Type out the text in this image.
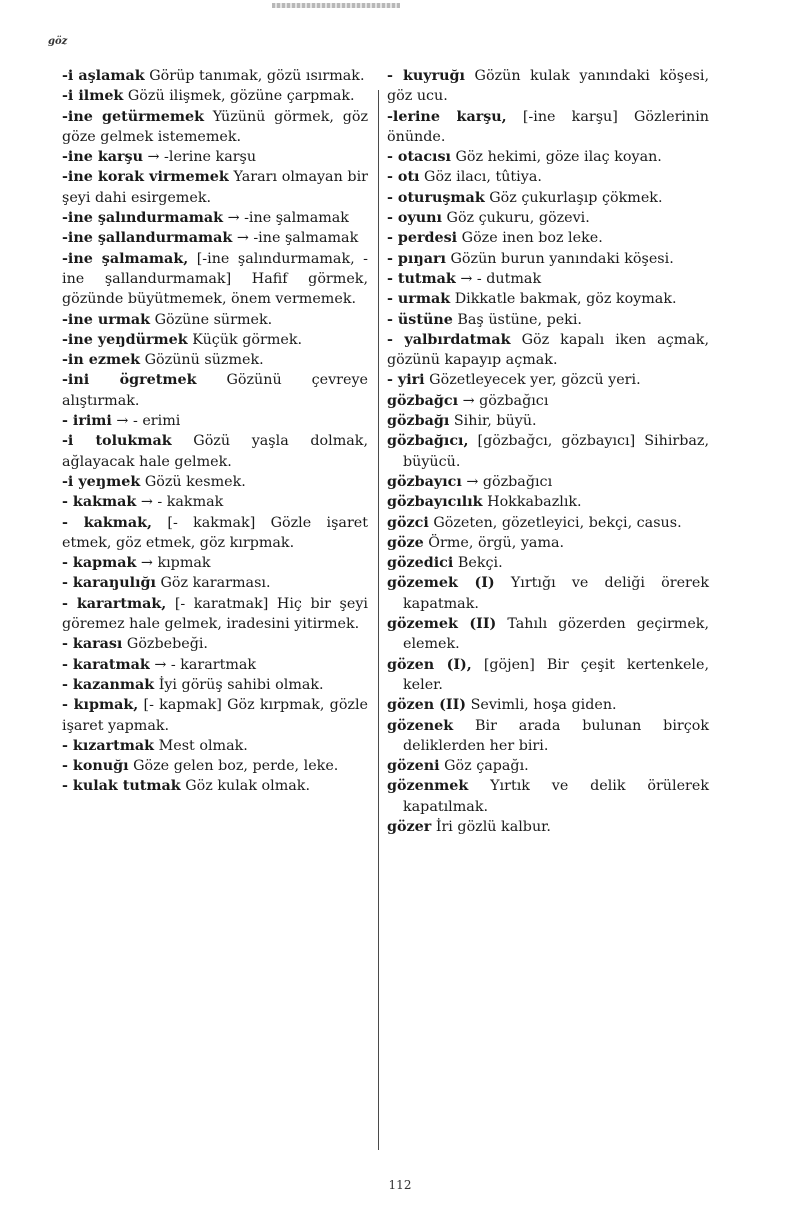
göz

-i aşlamak Görüp tanımak, gözü ısırmak.

-i ilmek Gözü ilişmek, gözüne çarpmak.

-ine getürmemek Yüzünü görmek, göz göze gelmek istememek.

-ine karşu → -lerine karşu

-ine korak virmemek Yararı olmayan bir şeyi dahi esirgemek.

-ine şalındurmamak → -ine şalmamak

-ine şallandurmamak → -ine şalmamak

-ine şalmamak, [-ine şalındurmamak, -ine şallandurmamak] Hafif görmek, gözünde büyütmemek, önem vermemek.

-ine urmak Gözüne sürmek.

-ine yeŋdürmek Küçük görmek.

-in ezmek Gözünü süzmek.

-ini ögretmek Gözünü çevreye alıştırmak.

- irimi → - erimi

-i tolukmak Gözü yaşla dolmak, ağlayacak hale gelmek.

-i yeŋmek Gözü kesmek.

- kakmak → - kakmak

- kakmak, [- kakmak] Gözle işaret etmek, göz etmek, göz kırpmak.

- kapmak → kıpmak

- karaŋulığı Göz kararması.

- karartmak, [- karatmak] Hiç bir şeyi göremez hale gelmek, iradesini yitirmek.

- karası Gözbebeği.

- karatmak → - karartmak

- kazanmak İyi görüş sahibi olmak.

- kıpmak, [- kapmak] Göz kırpmak, gözle işaret yapmak.

- kızartmak Mest olmak.

- konuğı Göze gelen boz, perde, leke.

- kulak tutmak Göz kulak olmak.

- kuyruğı Gözün kulak yanındaki köşesi, göz ucu.

-lerine karşu, [-ine karşu] Gözlerinin önünde.

- otacısı Göz hekimi, göze ilaç koyan.

- otı Göz ilacı, tûtiya.

- oturuşmak Göz çukurlaşıp çökmek.

- oyunı Göz çukuru, gözevi.

- perdesi Göze inen boz leke.

- pıŋarı Gözün burun yanındaki köşesi.

- tutmak → - dutmak

- urmak Dikkatle bakmak, göz koymak.

- üstüne Baş üstüne, peki.

- yalbırdatmak Göz kapalı iken açmak, gözünü kapayıp açmak.

- yiri Gözetleyecek yer, gözcü yeri.

gözbağcı → gözbağıcı

gözbağı Sihir, büyü.

gözbağıcı, [gözbağcı, gözbayıcı] Sihirbaz, büyücü.

gözbayıcı → gözbağıcı

gözbayıcılık Hokkabazlık.

gözci Gözeten, gözetleyici, bekçi, casus.

göze Örme, örgü, yama.

gözedici Bekçi.

gözemek (I) Yırtığı ve deliği örerek kapatmak.

gözemek (II) Tahılı gözerden geçirmek, elemek.

gözen (I), [göjen] Bir çeşit kertenkele, keler.

gözen (II) Sevimli, hoşa giden.

gözenek Bir arada bulunan birçok deliklerden her biri.

gözeni Göz çapağı.

gözenmek Yırtık ve delik örülerek kapatılmak.

gözer İri gözlü kalbur.

112
